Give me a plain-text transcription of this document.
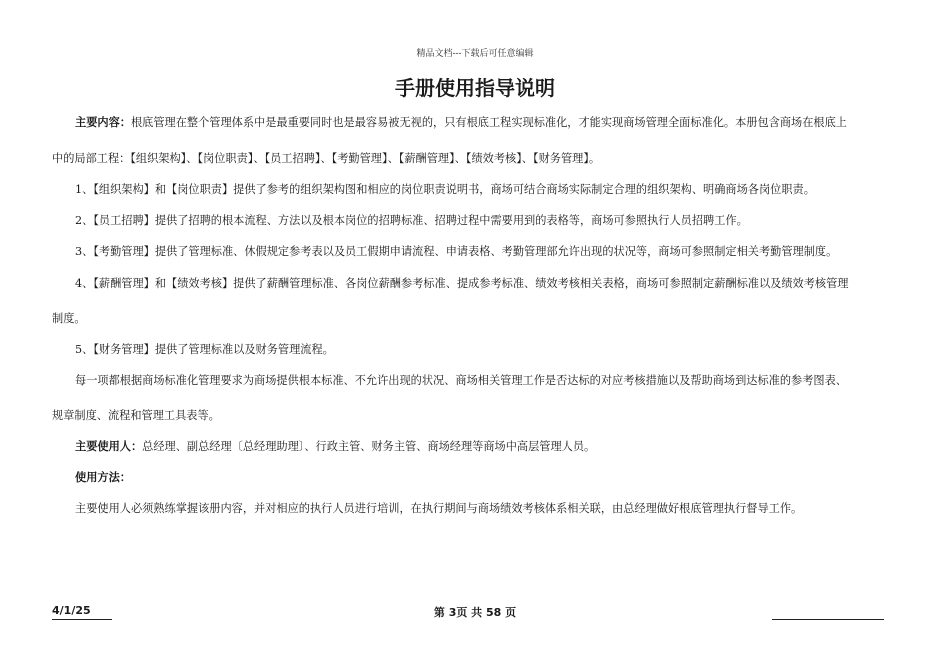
精品文档---下载后可任意编辑
手册使用指导说明
主要内容：根底管理在整个管理体系中是最重要同时也是最容易被无视的，只有根底工程实现标准化，才能实现商场管理全面标准化。本册包含商场在根底上
中的局部工程：【组织架构】、【岗位职责】、【员工招聘】、【考勤管理】、【薪酬管理】、【绩效考核】、【财务管理】。
1、【组织架构】和【岗位职责】提供了参考的组织架构图和相应的岗位职责说明书，商场可结合商场实际制定合理的组织架构、明确商场各岗位职责。
2、【员工招聘】提供了招聘的根本流程、方法以及根本岗位的招聘标准、招聘过程中需要用到的表格等，商场可参照执行人员招聘工作。
3、【考勤管理】提供了管理标准、休假规定参考表以及员工假期申请流程、申请表格、考勤管理部允许出现的状况等，商场可参照制定相关考勤管理制度。
4、【薪酬管理】和【绩效考核】提供了薪酬管理标准、各岗位薪酬参考标准、提成参考标准、绩效考核相关表格，商场可参照制定薪酬标准以及绩效考核管理
制度。
5、【财务管理】提供了管理标准以及财务管理流程。
每一项都根据商场标准化管理要求为商场提供根本标准、不允许出现的状况、商场相关管理工作是否达标的对应考核措施以及帮助商场到达标准的参考图表、
规章制度、流程和管理工具表等。
主要使用人：总经理、副总经理〔总经理助理〕、行政主管、财务主管、商场经理等商场中高层管理人员。
使用方法：
主要使用人必须熟练掌握该册内容，并对相应的执行人员进行培训，在执行期间与商场绩效考核体系相关联，由总经理做好根底管理执行督导工作。
4/1/25	第 3页 共 58 页
